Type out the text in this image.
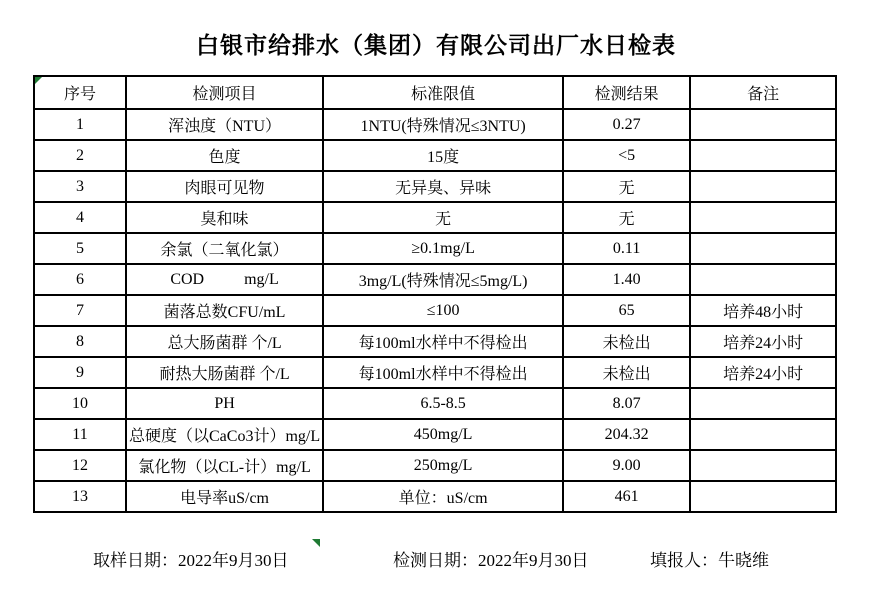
白银市给排水（集团）有限公司出厂水日检表
序号	检测项目	标准限值	检测结果	备注
1	浑浊度（NTU）	1NTU(特殊情况≤3NTU)	0.27	
2	色度	15度	<5	
3	肉眼可见物	无异臭、异味	无	
4	臭和味	无	无	
5	余氯（二氧化氯）	≥0.1mg/L	0.11	
6	COD          mg/L	3mg/L(特殊情况≤5mg/L)	1.40	
7	菌落总数CFU/mL	≤100	65	培养48小时
8	总大肠菌群 个/L	每100ml水样中不得检出	未检出	培养24小时
9	耐热大肠菌群 个/L	每100ml水样中不得检出	未检出	培养24小时
10	PH	6.5-8.5	8.07	
11	总硬度（以CaCo3计）mg/L	450mg/L	204.32	
12	氯化物（以CL-计）mg/L	250mg/L	9.00	
13	电导率uS/cm	单位：uS/cm	461	
取样日期：2022年9月30日	检测日期：2022年9月30日	填报人：牛晓维
